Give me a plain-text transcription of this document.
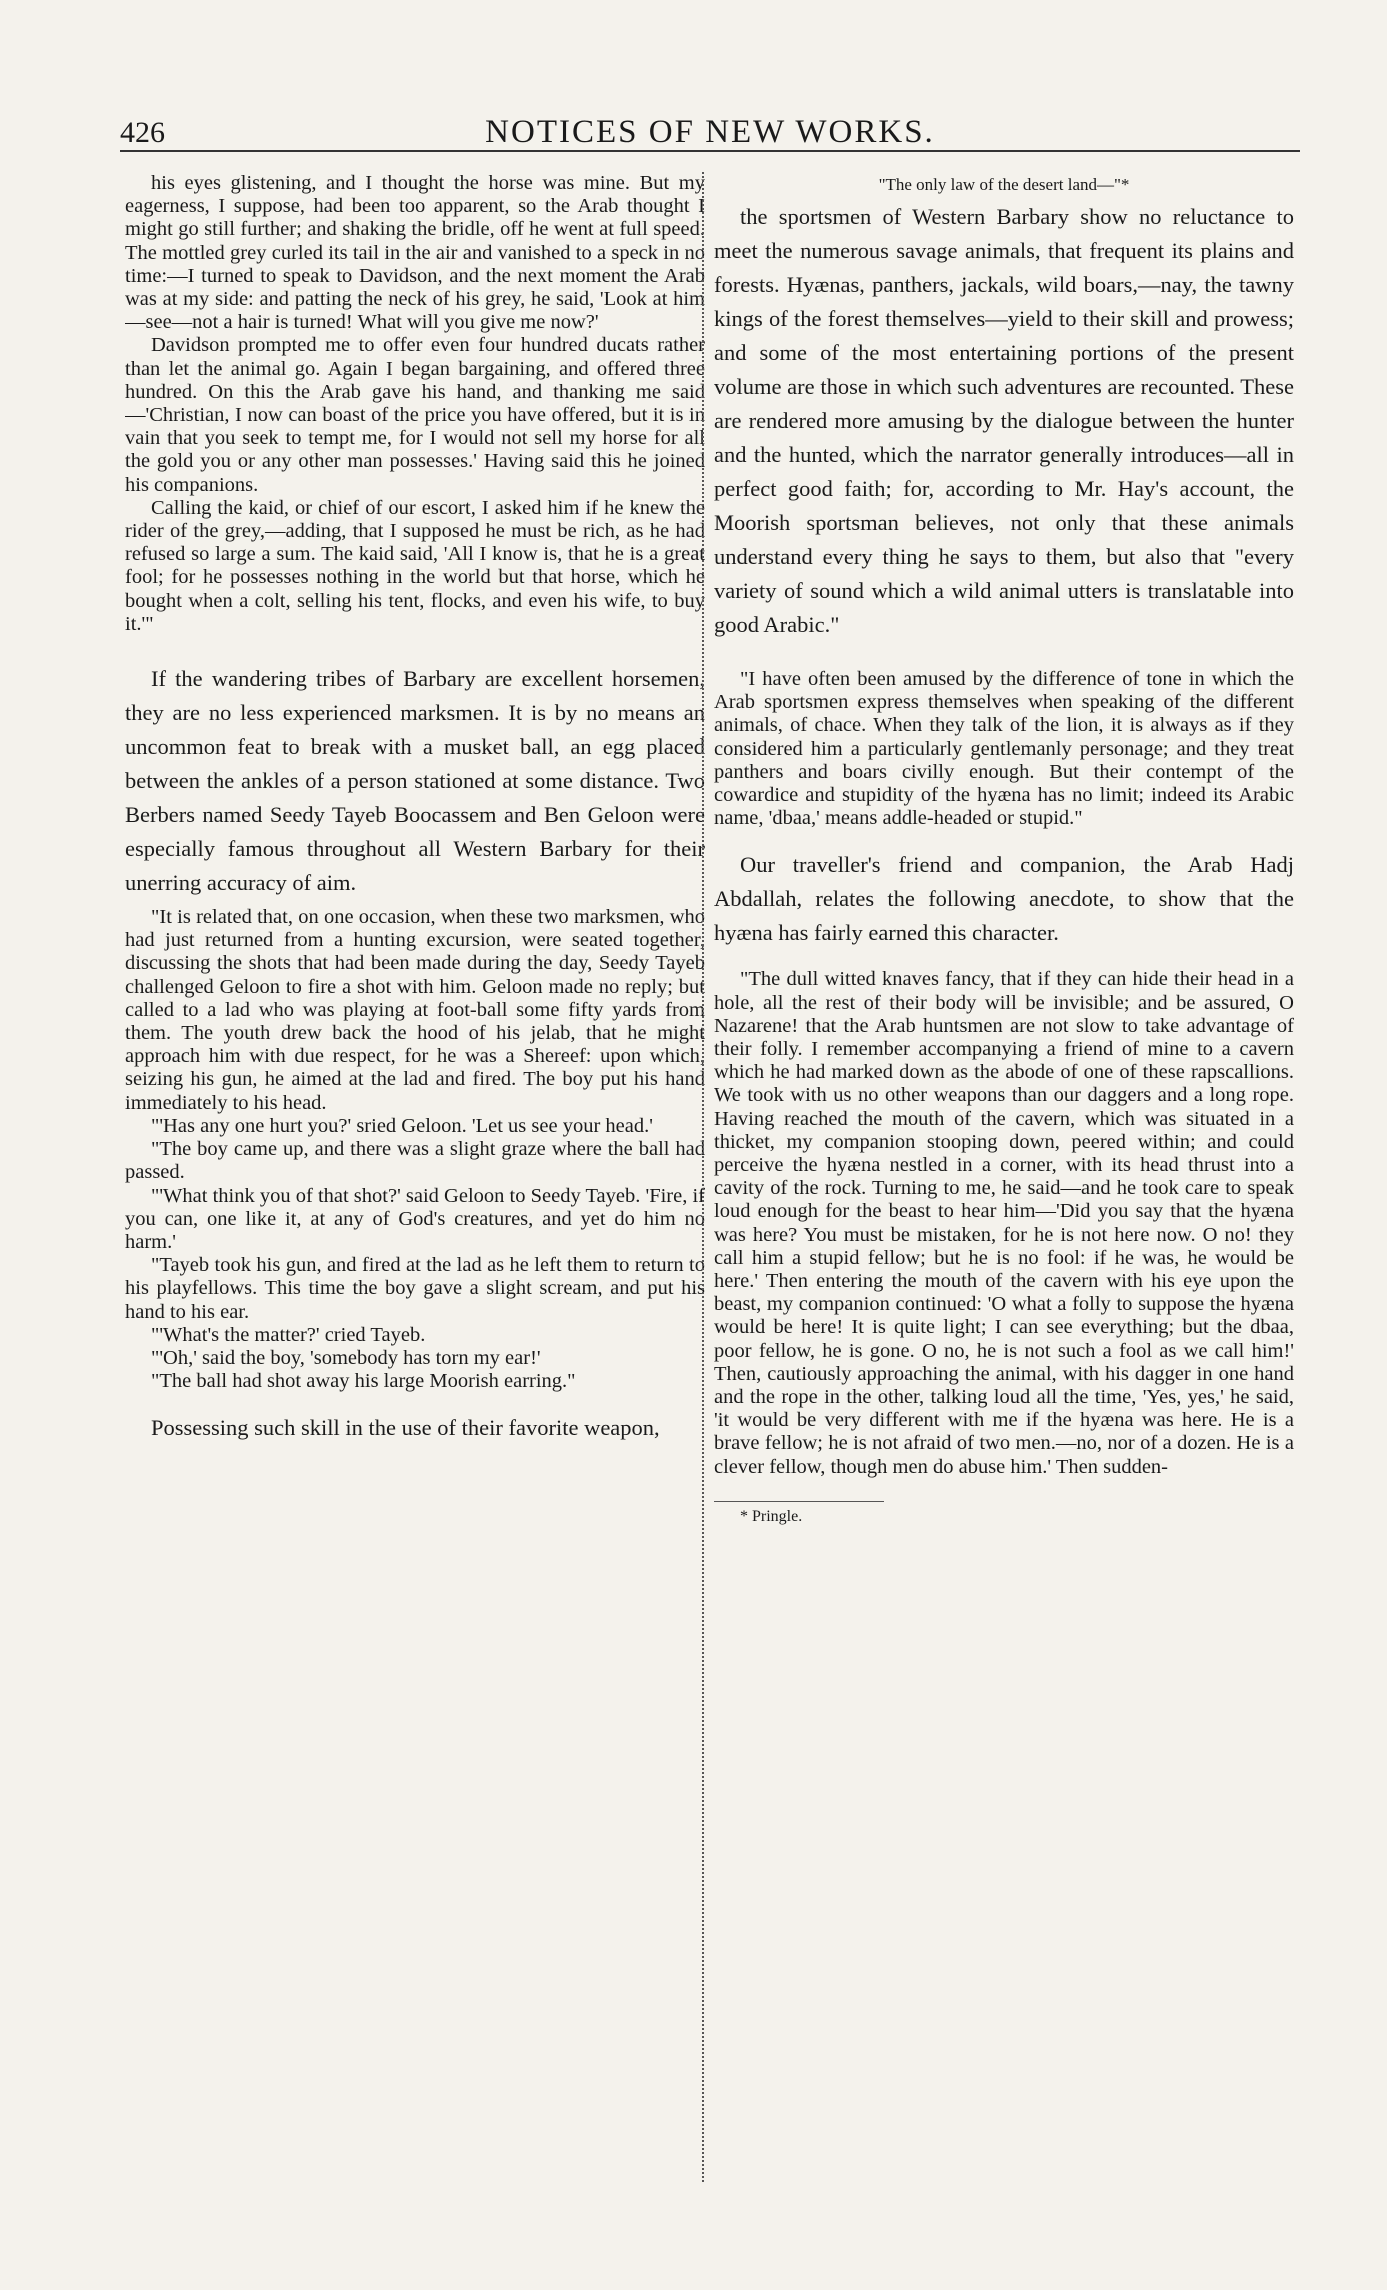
426	NOTICES OF NEW WORKS.

his eyes glistening, and I thought the horse was mine. But my eagerness, I suppose, had been too apparent, so the Arab thought I might go still further; and shaking the bridle, off he went at full speed. The mottled grey curled its tail in the air and vanished to a speck in no time:—I turned to speak to Davidson, and the next moment the Arab was at my side: and patting the neck of his grey, he said, 'Look at him—see—not a hair is turned! What will you give me now?'

Davidson prompted me to offer even four hundred ducats rather than let the animal go. Again I began bargaining, and offered three hundred. On this the Arab gave his hand, and thanking me said—'Christian, I now can boast of the price you have offered, but it is in vain that you seek to tempt me, for I would not sell my horse for all the gold you or any other man possesses.' Having said this he joined his companions.

Calling the kaid, or chief of our escort, I asked him if he knew the rider of the grey,—adding, that I supposed he must be rich, as he had refused so large a sum. The kaid said, 'All I know is, that he is a great fool; for he possesses nothing in the world but that horse, which he bought when a colt, selling his tent, flocks, and even his wife, to buy it.'"

If the wandering tribes of Barbary are excellent horsemen, they are no less experienced marksmen. It is by no means an uncommon feat to break with a musket ball, an egg placed between the ankles of a person stationed at some distance. Two Berbers named Seedy Tayeb Boocassem and Ben Geloon were especially famous throughout all Western Barbary for their unerring accuracy of aim.

"It is related that, on one occasion, when these two marksmen, who had just returned from a hunting excursion, were seated together, discussing the shots that had been made during the day, Seedy Tayeb challenged Geloon to fire a shot with him. Geloon made no reply; but called to a lad who was playing at foot-ball some fifty yards from them. The youth drew back the hood of his jelab, that he might approach him with due respect, for he was a Shereef: upon which, seizing his gun, he aimed at the lad and fired. The boy put his hand immediately to his head.

"'Has any one hurt you?' sried Geloon. 'Let us see your head.'

"The boy came up, and there was a slight graze where the ball had passed.

"'What think you of that shot?' said Geloon to Seedy Tayeb. 'Fire, if you can, one like it, at any of God's creatures, and yet do him no harm.'

"Tayeb took his gun, and fired at the lad as he left them to return to his playfellows. This time the boy gave a slight scream, and put his hand to his ear.

"'What's the matter?' cried Tayeb.

"'Oh,' said the boy, 'somebody has torn my ear!'

"The ball had shot away his large Moorish earring."

Possessing such skill in the use of their favorite weapon,

"The only law of the desert land—"*

the sportsmen of Western Barbary show no reluctance to meet the numerous savage animals, that frequent its plains and forests. Hyænas, panthers, jackals, wild boars,—nay, the tawny kings of the forest themselves—yield to their skill and prowess; and some of the most entertaining portions of the present volume are those in which such adventures are recounted. These are rendered more amusing by the dialogue between the hunter and the hunted, which the narrator generally introduces—all in perfect good faith; for, according to Mr. Hay's account, the Moorish sportsman believes, not only that these animals understand every thing he says to them, but also that "every variety of sound which a wild animal utters is translatable into good Arabic."

"I have often been amused by the difference of tone in which the Arab sportsmen express themselves when speaking of the different animals, of chace. When they talk of the lion, it is always as if they considered him a particularly gentlemanly personage; and they treat panthers and boars civilly enough. But their contempt of the cowardice and stupidity of the hyæna has no limit; indeed its Arabic name, 'dbaa,' means addle-headed or stupid."

Our traveller's friend and companion, the Arab Hadj Abdallah, relates the following anecdote, to show that the hyæna has fairly earned this character.

"The dull witted knaves fancy, that if they can hide their head in a hole, all the rest of their body will be invisible; and be assured, O Nazarene! that the Arab huntsmen are not slow to take advantage of their folly. I remember accompanying a friend of mine to a cavern which he had marked down as the abode of one of these rapscallions. We took with us no other weapons than our daggers and a long rope. Having reached the mouth of the cavern, which was situated in a thicket, my companion stooping down, peered within; and could perceive the hyæna nestled in a corner, with its head thrust into a cavity of the rock. Turning to me, he said—and he took care to speak loud enough for the beast to hear him—'Did you say that the hyæna was here? You must be mistaken, for he is not here now. O no! they call him a stupid fellow; but he is no fool: if he was, he would be here.' Then entering the mouth of the cavern with his eye upon the beast, my companion continued: 'O what a folly to suppose the hyæna would be here! It is quite light; I can see everything; but the dbaa, poor fellow, he is gone. O no, he is not such a fool as we call him!' Then, cautiously approaching the animal, with his dagger in one hand and the rope in the other, talking loud all the time, 'Yes, yes,' he said, 'it would be very different with me if the hyæna was here. He is a brave fellow; he is not afraid of two men.—no, nor of a dozen. He is a clever fellow, though men do abuse him.' Then sudden-

* Pringle.
